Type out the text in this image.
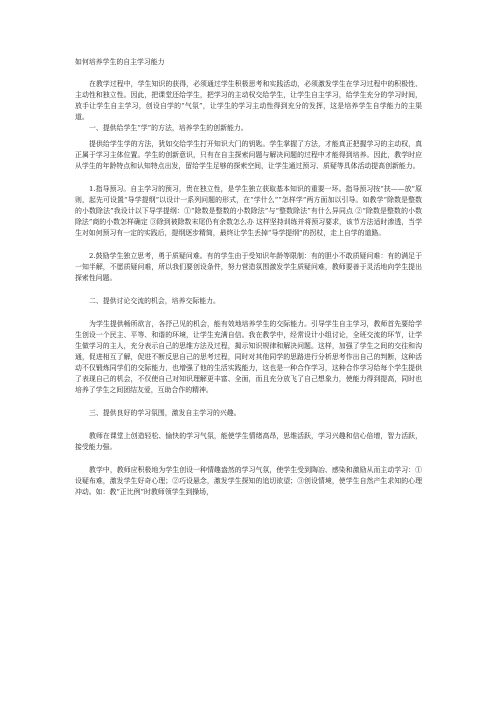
如何培养学生的自主学习能力

在教学过程中，学生知识的获得，必须通过学生积极思考和实践活动，必须激发学生在学习过程中的积极性、主动性和独立性。因此，把课堂还给学生，把学习的主动权交给学生，让学生自主学习，给学生充分的学习时间，放手让学生自主学习，创设自学的“气氛”，让学生的学习主动性得到充分的发挥，这是培养学生自学能力的主渠道。

一、提供给学生“学”的方法，培养学生的创新能力。

提供给学生学的方法，犹如交给学生打开知识大门的钥匙。学生掌握了方法，才能真正把握学习的主动权，真正属于学习主体位置。学生的创新意识，只有在自主探索问题与解决问题的过程中才能得到培养。因此，教学时应从学生的年龄特点和认知特点出发，留给学生足够的探索空间，让学生通过预习、质疑等具体活动提高创新能力。

1.指导预习。自主学习的预习，贵在独立性，是学生独立获取基本知识的重要一环。指导预习按“扶——放”原则，起先可设置“导学提纲”以设计一系列问题的形式，在“学什么”“怎样学”两方面加以引导。如教学“除数是整数的小数除法”我设计以下导学提纲：①“除数是整数的小数除法”与“整数除法”有什么异同点 ②“除数是整数的小数除法”商的小数怎样确定 ③除到被除数末尾仍有余数怎么办 这样坚持训练并将预习要求，该节方法适时渗透，当学生对如何预习有一定的实践后，提纲逐步精简，最终让学生丢掉“导学提纲”的拐杖，走上自学的道路。

2.鼓励学生独立思考，勇于质疑问难。有的学生由于受知识年龄等限制：有的胆小不敢质疑问难：有的满足于一知半解，不愿质疑问难，所以我们要创设条件，努力营造氛围激发学生质疑问难，教师要善于灵活地向学生提出探索性问题。

二、提供讨论交流的机会，培养交际能力。

为学生提供畅所欲言，各抒己见的机会，能有效地培养学生的交际能力。引导学生自主学习，教师首先要给学生创设一个民主、平等、和谐的环境，让学生充满自信。我在教学中，经常设计小组讨论，全班交流的环节，让学生做学习的主人，充分表示自己的思维方法及过程，揭示知识规律和解决问题。这样，加强了学生之间的交往和沟通，促进相互了解，促进不断反思自己的思考过程，同时对其他同学的思路进行分析思考作出自己的判断，这种活动不仅锻炼同学们的交际能力，也增强了他的生活实践能力，这也是一种合作学习，这种合作学习给每个学生提供了表现自己的机会，不仅使自己对知识理解更丰富、全面，而且充分放飞了自己想象力，使能力得到提高，同时也培养了学生之间团结友爱，互助合作的精神。

三、提供良好的学习氛围，激发自主学习的兴趣。

教师在课堂上创造轻松、愉快的学习气氛，能使学生情绪高昂，思维活跃，学习兴趣和信心倍增，智力活跃，接受能力强。

教学中，教师应积极地为学生创设一种情趣盎然的学习气氛，使学生受到陶冶、感染和激励从而主动学习：①设疑布难，激发学生好奇心理；②巧设悬念，激发学生探知的追切欲望；③创设情境，使学生自然产生求知的心理冲动。如：教“正比例”时教师领学生到操场，
